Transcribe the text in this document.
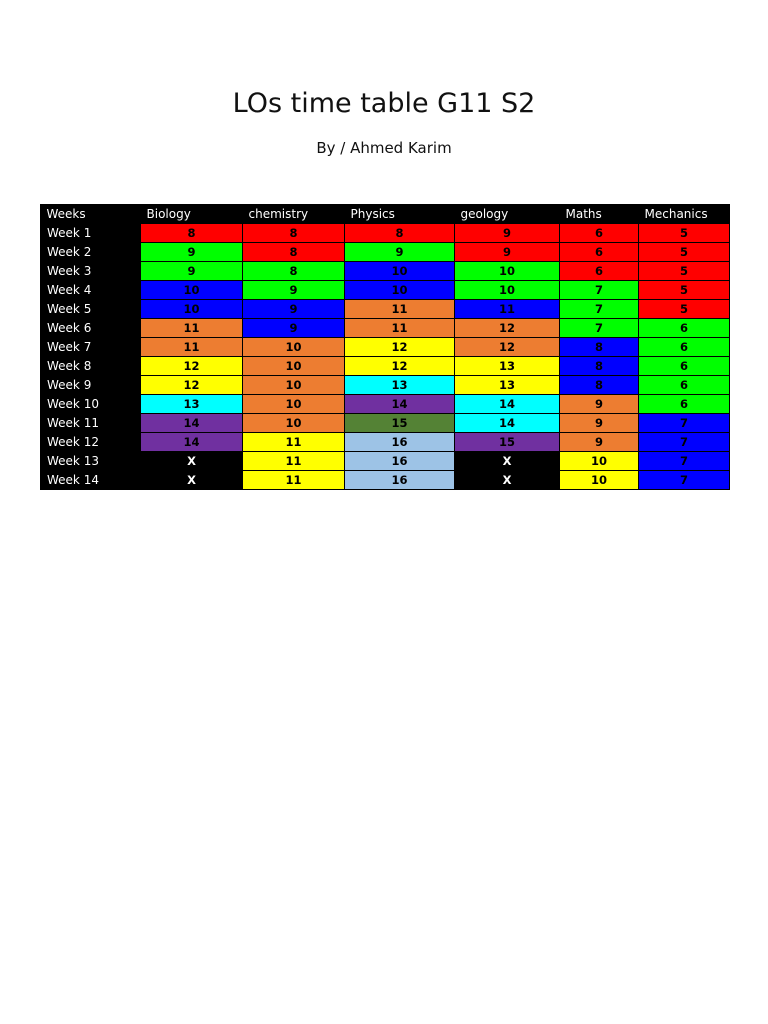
LOs time table G11 S2
By / Ahmed Karim
Weeks	Biology	chemistry	Physics	geology	Maths	Mechanics
Week 1	8	8	8	9	6	5
Week 2	9	8	9	9	6	5
Week 3	9	8	10	10	6	5
Week 4	10	9	10	10	7	5
Week 5	10	9	11	11	7	5
Week 6	11	9	11	12	7	6
Week 7	11	10	12	12	8	6
Week 8	12	10	12	13	8	6
Week 9	12	10	13	13	8	6
Week 10	13	10	14	14	9	6
Week 11	14	10	15	14	9	7
Week 12	14	11	16	15	9	7
Week 13	X	11	16	X	10	7
Week 14	X	11	16	X	10	7
